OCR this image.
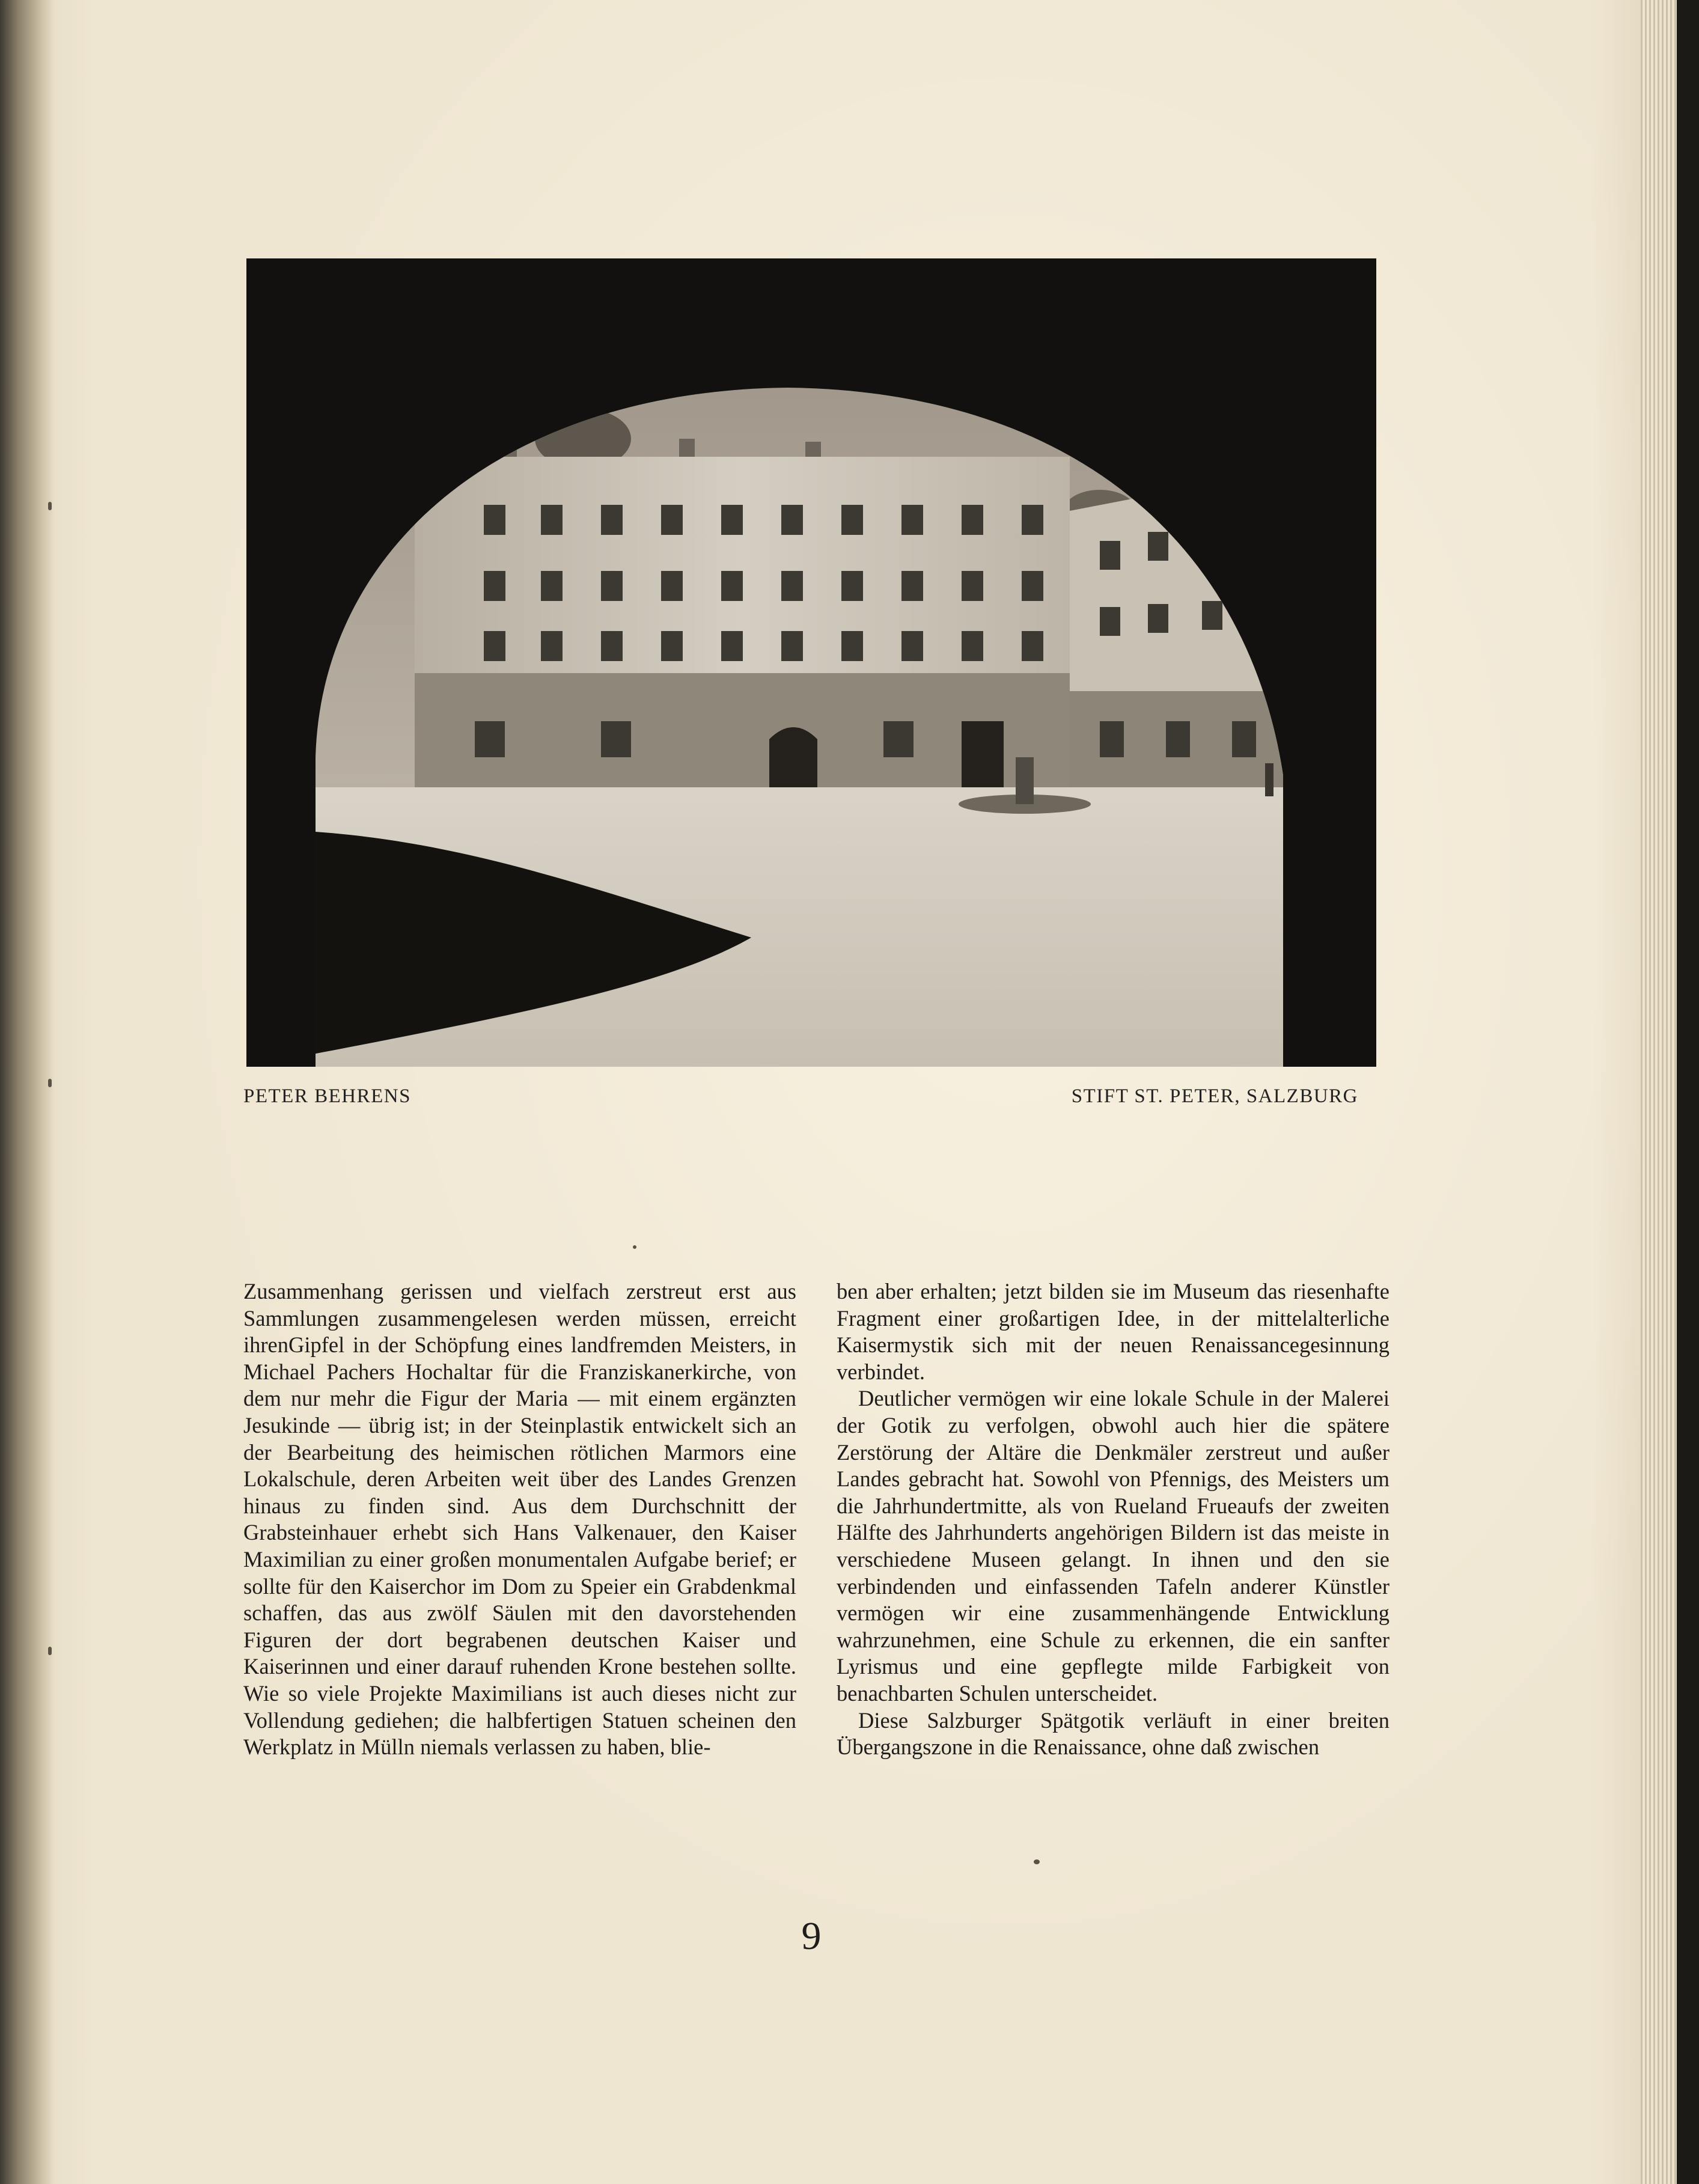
PETER BEHRENS	STIFT ST. PETER, SALZBURG

Zusammenhang gerissen und vielfach zerstreut erst aus Sammlungen zusammengelesen werden müssen, erreicht ihrenGipfel in der Schöpfung eines landfremden Meisters, in Michael Pachers Hochaltar für die Franziskanerkirche, von dem nur mehr die Figur der Maria — mit einem ergänzten Jesukinde — übrig ist; in der Steinplastik entwickelt sich an der Bearbeitung des heimischen rötlichen Marmors eine Lokalschule, deren Arbeiten weit über des Landes Grenzen hinaus zu finden sind. Aus dem Durchschnitt der Grabsteinhauer erhebt sich Hans Valkenauer, den Kaiser Maximilian zu einer großen monumentalen Aufgabe berief; er sollte für den Kaiserchor im Dom zu Speier ein Grabdenkmal schaffen, das aus zwölf Säulen mit den davorstehenden Figuren der dort begrabenen deutschen Kaiser und Kaiserinnen und einer darauf ruhenden Krone bestehen sollte. Wie so viele Projekte Maximilians ist auch dieses nicht zur Vollendung gediehen; die halbfertigen Statuen scheinen den Werkplatz in Mülln niemals verlassen zu haben, blie-

ben aber erhalten; jetzt bilden sie im Museum das riesenhafte Fragment einer großartigen Idee, in der mittelalterliche Kaisermystik sich mit der neuen Renaissancegesinnung verbindet.

Deutlicher vermögen wir eine lokale Schule in der Malerei der Gotik zu verfolgen, obwohl auch hier die spätere Zerstörung der Altäre die Denkmäler zerstreut und außer Landes gebracht hat. Sowohl von Pfennigs, des Meisters um die Jahrhundertmitte, als von Rueland Frueaufs der zweiten Hälfte des Jahrhunderts angehörigen Bildern ist das meiste in verschiedene Museen gelangt. In ihnen und den sie verbindenden und einfassenden Tafeln anderer Künstler vermögen wir eine zusammenhängende Entwicklung wahrzunehmen, eine Schule zu erkennen, die ein sanfter Lyrismus und eine gepflegte milde Farbigkeit von benachbarten Schulen unterscheidet.

Diese Salzburger Spätgotik verläuft in einer breiten Übergangszone in die Renaissance, ohne daß zwischen

9
